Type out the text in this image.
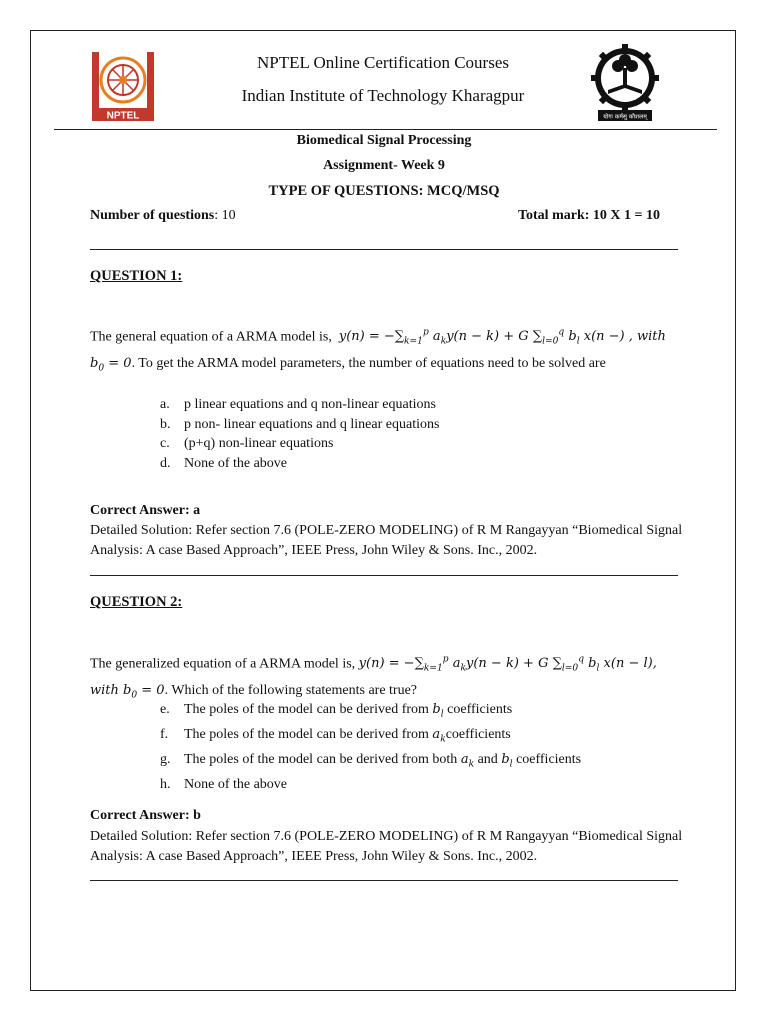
NPTEL	योगः कर्मसु कौशलम्
NPTEL Online Certification Courses
Indian Institute of Technology Kharagpur
Biomedical Signal Processing
Assignment- Week 9
TYPE OF QUESTIONS: MCQ/MSQ
Number of questions: 10	Total mark: 10 X 1 = 10
QUESTION 1:
The general equation of a ARMA model is, $y(n) = -\sum_{k=1}^p$ $a_ky(n - k) + G$ $\sum_{l=0}^q$ $b_l$ x(n −) , with $b_0 = 0$. To get the ARMA model parameters, the number of equations need to be solved are
a.	p linear equations and q non-linear equations
b. p non- linear equations and q linear equations
c.	(p+q) non-linear equations
d. None of the above
Correct Answer: a
Detailed Solution: Refer section 7.6 (POLE-ZERO MODELING) of R M Rangayyan “Biomedical Signal Analysis: A case Based Approach”, IEEE Press, John Wiley & Sons. Inc., 2002.
QUESTION 2:
The generalized equation of a ARMA model is, $y(n) = -\sum_{k=1}^p$ $a_ky(n - k) + G$ $\sum_{l=0}^q$ $b_l$ x(n − l), with $b_0 = 0$. Which of the following statements are true?
e.	The poles of the model can be derived from $b_l$ coefficients
f.	The poles of the model can be derived from $a_kcoefficients$
g. The poles of the model can be derived from both $a_k$ and $b_l$ coefficients
h. None of the above
Correct Answer: b
Detailed Solution: Refer section 7.6 (POLE-ZERO MODELING) of R M Rangayyan “Biomedical Signal Analysis: A case Based Approach”, IEEE Press, John Wiley & Sons. Inc., 2002.
